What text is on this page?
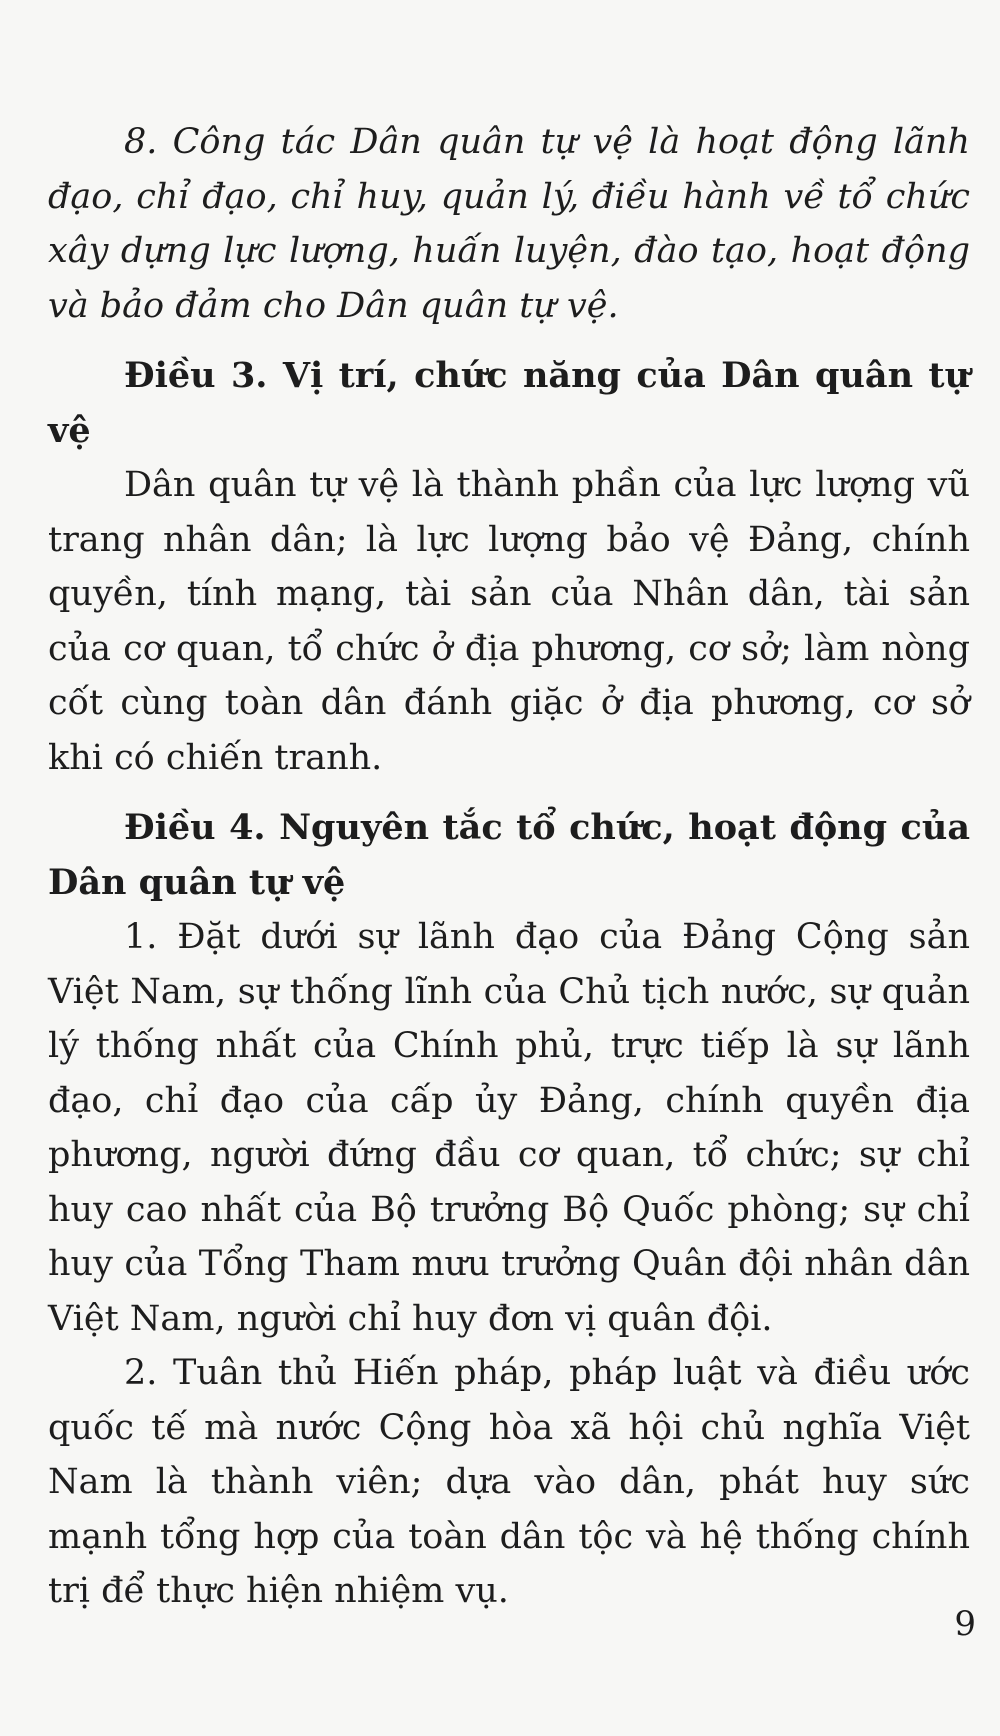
8. Công tác Dân quân tự vệ là hoạt động lãnh đạo, chỉ đạo, chỉ huy, quản lý, điều hành về tổ chức xây dựng lực lượng, huấn luyện, đào tạo, hoạt động và bảo đảm cho Dân quân tự vệ.

Điều 3. Vị trí, chức năng của Dân quân tự vệ

Dân quân tự vệ là thành phần của lực lượng vũ trang nhân dân; là lực lượng bảo vệ Đảng, chính quyền, tính mạng, tài sản của Nhân dân, tài sản của cơ quan, tổ chức ở địa phương, cơ sở; làm nòng cốt cùng toàn dân đánh giặc ở địa phương, cơ sở khi có chiến tranh.

Điều 4. Nguyên tắc tổ chức, hoạt động của Dân quân tự vệ

1. Đặt dưới sự lãnh đạo của Đảng Cộng sản Việt Nam, sự thống lĩnh của Chủ tịch nước, sự quản lý thống nhất của Chính phủ, trực tiếp là sự lãnh đạo, chỉ đạo của cấp ủy Đảng, chính quyền địa phương, người đứng đầu cơ quan, tổ chức; sự chỉ huy cao nhất của Bộ trưởng Bộ Quốc phòng; sự chỉ huy của Tổng Tham mưu trưởng Quân đội nhân dân Việt Nam, người chỉ huy đơn vị quân đội.

2. Tuân thủ Hiến pháp, pháp luật và điều ước quốc tế mà nước Cộng hòa xã hội chủ nghĩa Việt Nam là thành viên; dựa vào dân, phát huy sức mạnh tổng hợp của toàn dân tộc và hệ thống chính trị để thực hiện nhiệm vụ.

9
